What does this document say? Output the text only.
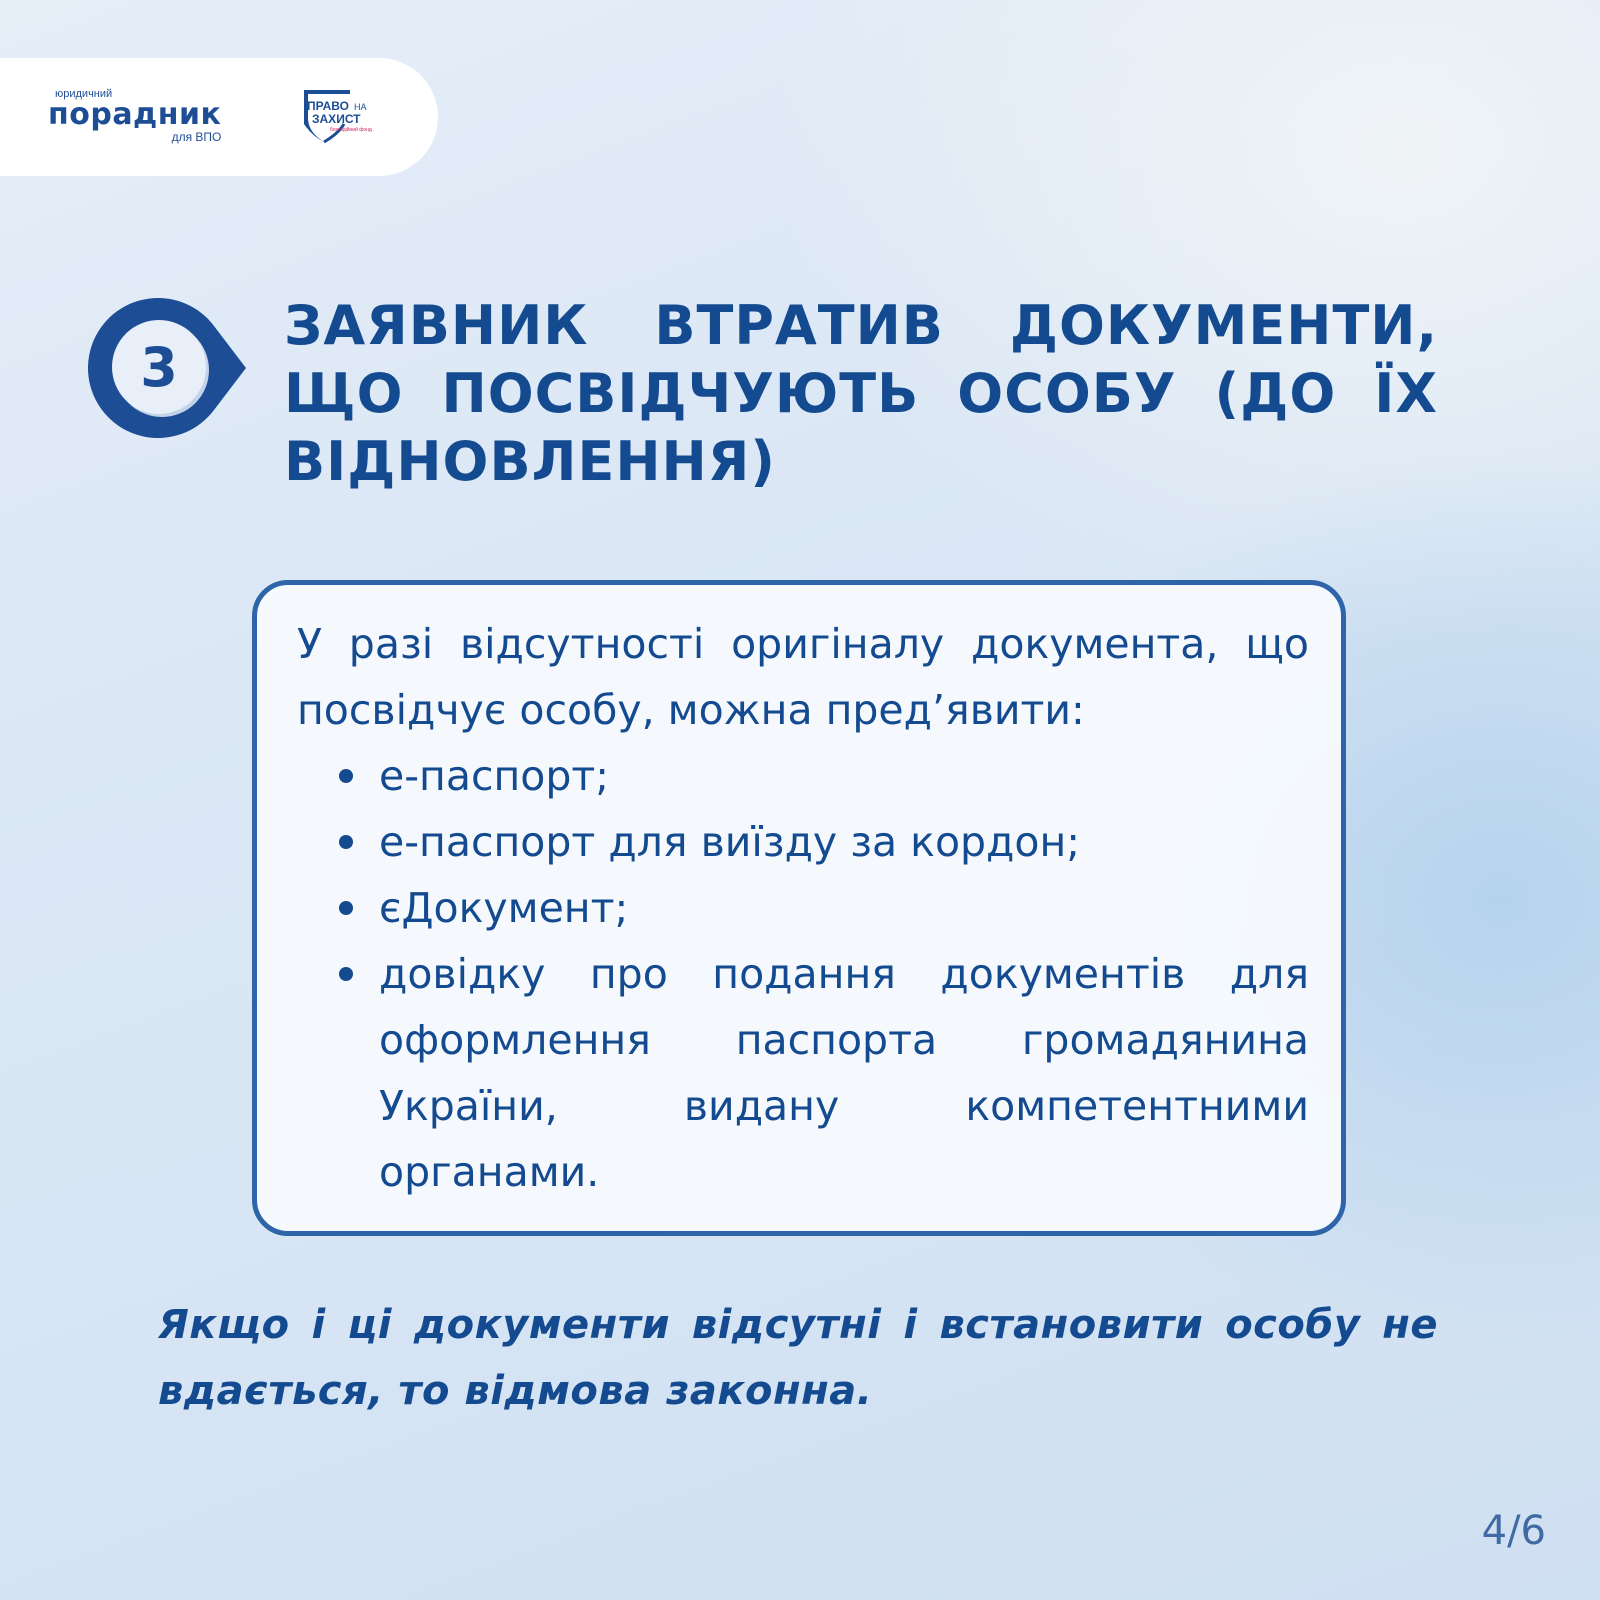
юридичний
порадник
для ВПО
ПРАВО НА
ЗАХИСТ
благодійний фонд
3
ЗАЯВНИК ВТРАТИВ ДОКУМЕНТИ, ЩО ПОСВІДЧУЮТЬ ОСОБУ (ДО ЇХ ВІДНОВЛЕННЯ)

У разі відсутності оригіналу документа, що посвідчує особу, можна пред’явити:

е-паспорт;
е-паспорт для виїзду за кордон;
єДокумент;
довідку про подання документів для оформлення паспорта громадянина України, видану компетентними органами.

Якщо і ці документи відсутні і встановити особу не вдається, то відмова законна.

4/6
